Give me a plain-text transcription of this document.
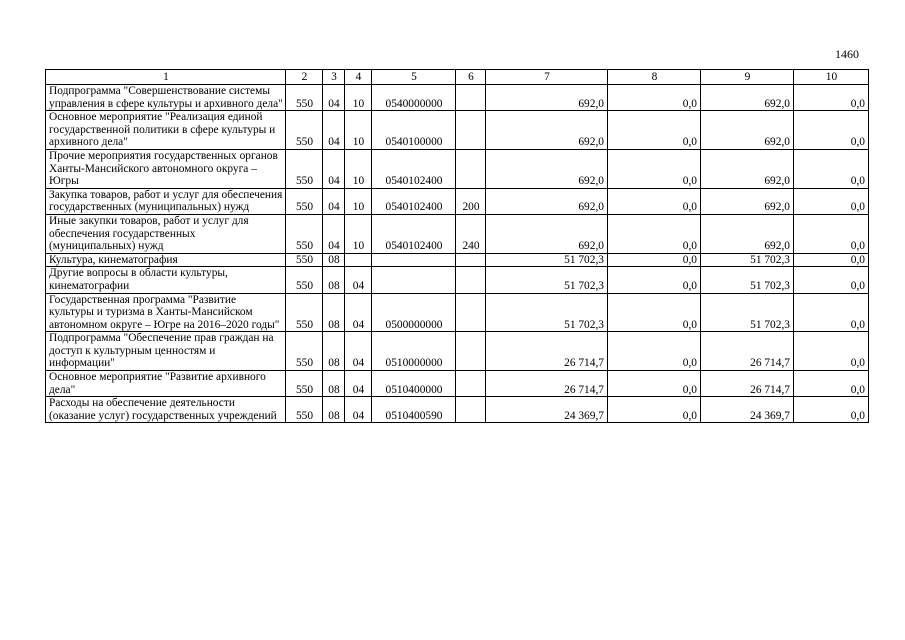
1460
1	2	3	4	5	6	7	8	9	10
Подпрограмма "Совершенствование системы управления в сфере культуры и архивного дела"	550	04	10	0540000000		692,0	0,0	692,0	0,0
Основное мероприятие "Реализация единой государственной политики в сфере культуры и архивного дела"	550	04	10	0540100000		692,0	0,0	692,0	0,0
Прочие мероприятия государственных органов Ханты-Мансийского автономного округа – Югры	550	04	10	0540102400		692,0	0,0	692,0	0,0
Закупка товаров, работ и услуг для обеспечения государственных (муниципальных) нужд	550	04	10	0540102400	200	692,0	0,0	692,0	0,0
Иные закупки товаров, работ и услуг для обеспечения государственных (муниципальных) нужд	550	04	10	0540102400	240	692,0	0,0	692,0	0,0
Культура, кинематография	550	08				51 702,3	0,0	51 702,3	0,0
Другие вопросы в области культуры, кинематографии	550	08	04			51 702,3	0,0	51 702,3	0,0
Государственная программа "Развитие культуры и туризма в Ханты-Мансийском автономном округе – Югре на 2016–2020 годы"	550	08	04	0500000000		51 702,3	0,0	51 702,3	0,0
Подпрограмма "Обеспечение прав граждан на доступ к культурным ценностям и информации"	550	08	04	0510000000		26 714,7	0,0	26 714,7	0,0
Основное мероприятие "Развитие архивного дела"	550	08	04	0510400000		26 714,7	0,0	26 714,7	0,0
Расходы на обеспечение деятельности (оказание услуг) государственных учреждений	550	08	04	0510400590		24 369,7	0,0	24 369,7	0,0
